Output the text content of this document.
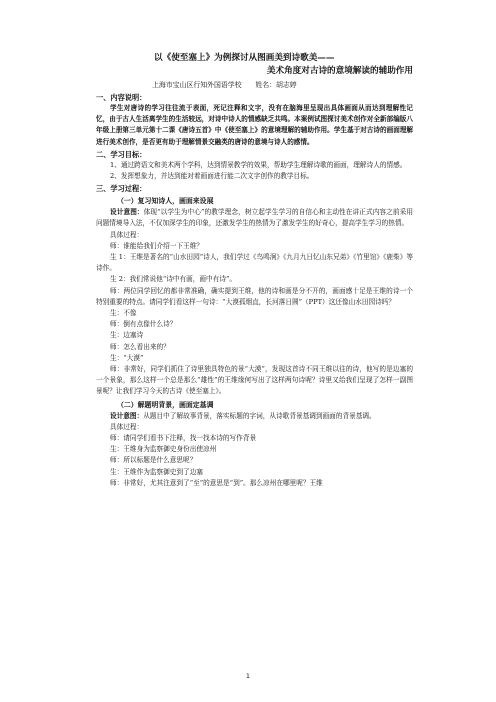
以《使至塞上》为例探讨从图画美到诗歌美——
美术角度对古诗的意境解读的辅助作用
上海市宝山区行知外国语学校　　姓名：胡志婷
一、内容说明：
学生对唐诗的学习往往流于表面，死记注释和文字，没有在脑海里呈现出具体画面从而达到理解性记忆，由于古人生活离学生的生活较远，对诗中诗人的情感缺乏共鸣。本案例试图探讨美术创作对全新部编版八年级上册第三单元第十二课《唐诗五首》中《使至塞上》的意境理解的辅助作用。学生基于对古诗的画面理解进行美术创作，是否更有助于理解情景交融类的唐诗的意境与诗人的感情。
二、学习目标：
1、通过跨语文和美术两个学科，达到情景教学的效果，帮助学生理解诗歌的画面，理解诗人的情感。
2、发挥想象力，并达到能对着画面进行能二次文字创作的教学目标。
三、学习过程：
（一）复习知诗人，画面来设展
设计意图：体现“以学生为中心”的教学理念，树立起学生学习的自信心和主动性在讲正式内容之前采用问题情境导入法，不仅加深学生的印象，还激发学生的热情为了激发学生的好奇心，提高学生学习的热情。
具体过程：
师：谁能给我们介绍一下王维？
生 1：王维是著名的“山水田园”诗人，我们学过《鸟鸣涧》《九月九日忆山东兄弟》《竹里馆》《鹿柴》等诗作。
生 2：我们常说他“诗中有画，画中有诗”。
师：两位同学回忆的都非常准确，确实提到王维，他的诗和画是分不开的，画面感十足是王维的诗一个特别重要的特点。请同学们看这样一句诗：“大漠孤烟直，长河落日圆”（PPT）这还像山水田园诗吗？
生：不像
师：倒有点像什么诗？
生：边塞诗
师：怎么看出来的？
生：“大漠”
师：非常好，同学们抓住了诗里独具特色的景“大漠”，发现这首诗不同王维以往的诗，他写的是边塞的一个景象，那么这样一个总是那么“雄性”的王维缘何写出了这样两句诗呢？诗里又给我们呈现了怎样一副图景呢？让我们学习今天的古诗《使至塞上》。
（二）解题明背景，画面定基调
设计意图：从题目中了解故事背景，落实标题的字词，从诗歌背景基调到画面的背景基调。
具体过程：
师：请同学们看书下注释，找一找本诗的写作背景
生：王维身为监察御史身份出使凉州
师：所以标题是什么意思呢？
生：王维作为监察御史到了边塞
师：非常好，尤其注意到了“至”的意思是“到”。那么凉州在哪里呢？王维
1
